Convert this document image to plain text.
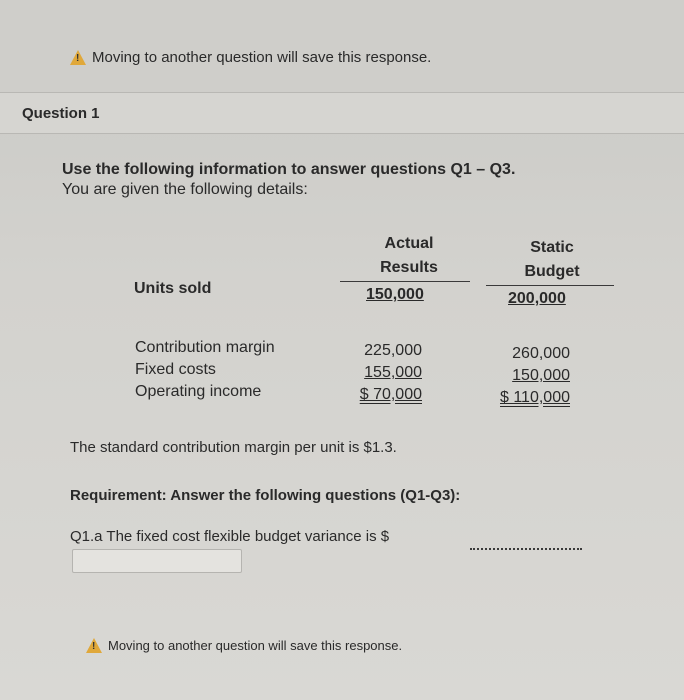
!
Moving to another question will save this response.
Question 1
Use the following information to answer questions Q1 – Q3.
You are given the following details:
Actual
Results
Static
Budget
Units sold	150,000	200,000
Contribution margin
Fixed costs
Operating income
225,000
155,000
$ 70,000
260,000
150,000
$ 110,000
The standard contribution margin per unit is $1.3.
Requirement: Answer the following questions (Q1-Q3):
Q1.a The fixed cost flexible budget variance is $
!
Moving to another question will save this response.
